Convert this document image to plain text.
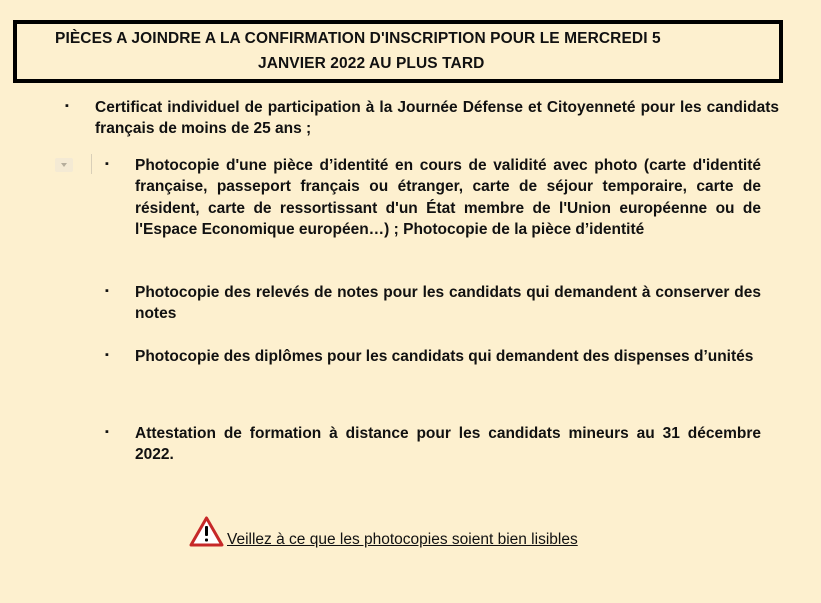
PIÈCES A JOINDRE A LA CONFIRMATION D'INSCRIPTION POUR LE MERCREDI 5
JANVIER 2022 AU PLUS TARD
▪ Certificat individuel de participation à la Journée Défense et Citoyenneté pour les candidats français de moins de 25 ans ;

▪ Photocopie d'une pièce d’identité en cours de validité avec photo (carte d'identité française, passeport français ou étranger, carte de séjour temporaire, carte de résident, carte de ressortissant d'un État membre de l'Union européenne ou de l'Espace Economique européen…) ; Photocopie de la pièce d’identité

▪ Photocopie des relevés de notes pour les candidats qui demandent à conserver des notes

▪ Photocopie des diplômes pour les candidats qui demandent des dispenses d’unités

▪ Attestation de formation à distance pour les candidats mineurs au 31 décembre 2022.

Veillez à ce que les photocopies soient bien lisibles
